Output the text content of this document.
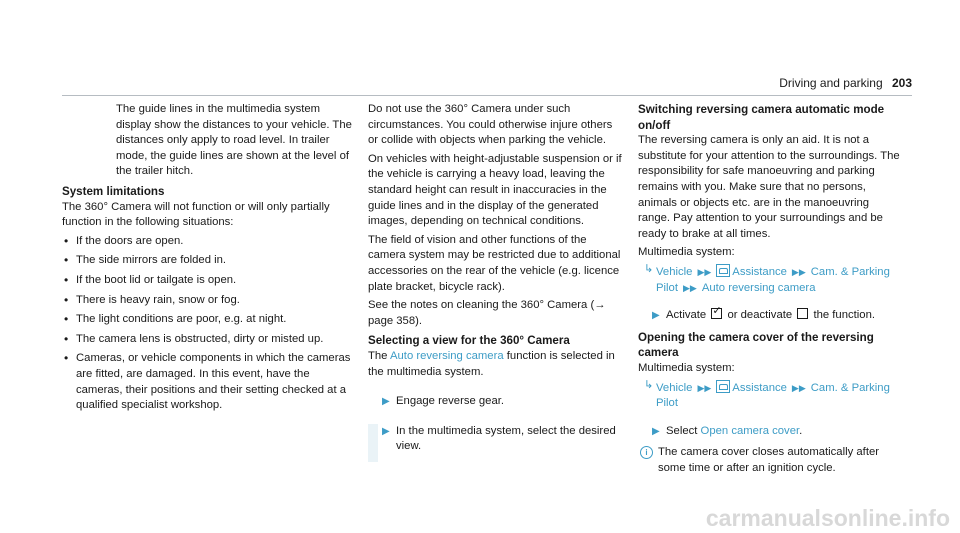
Driving and parking 203

The guide lines in the multimedia system display show the distances to your vehicle. The distances only apply to road level. In trailer mode, the guide lines are shown at the level of the trailer hitch.

System limitations

The 360° Camera will not function or will only partially function in the following situations:

• If the doors are open.
• The side mirrors are folded in.
• If the boot lid or tailgate is open.
• There is heavy rain, snow or fog.
• The light conditions are poor, e.g. at night.
• The camera lens is obstructed, dirty or misted up.
• Cameras, or vehicle components in which the cameras are fitted, are damaged. In this event, have the cameras, their positions and their setting checked at a qualified specialist workshop.

Do not use the 360° Camera under such circumstances. You could otherwise injure others or collide with objects when parking the vehicle.

On vehicles with height-adjustable suspension or if the vehicle is carrying a heavy load, leaving the standard height can result in inaccuracies in the guide lines and in the display of the generated images, depending on technical conditions.

The field of vision and other functions of the camera system may be restricted due to additional accessories on the rear of the vehicle (e.g. licence plate bracket, bicycle rack).

See the notes on cleaning the 360° Camera (→ page 358).

Selecting a view for the 360° Camera

The Auto reversing camera function is selected in the multimedia system.

▶ Engage reverse gear.
▶ In the multimedia system, select the desired view.
Switching reversing camera automatic mode on/off

The reversing camera is only an aid. It is not a substitute for your attention to the surroundings. The responsibility for safe manoeuvring and parking remains with you. Make sure that no persons, animals or objects etc. are in the manoeuvring range. Pay attention to your surroundings and be ready to brake at all times.

Multimedia system:

↳ Vehicle ▶▶ Assistance ▶▶ Cam. & Parking Pilot ▶▶ Auto reversing camera
▶ Activate ✓ or deactivate the function.
Opening the camera cover of the reversing camera

Multimedia system:

↳ Vehicle ▶▶ Assistance ▶▶ Cam. & Parking Pilot
▶ Select Open camera cover.
i The camera cover closes automatically after some time or after an ignition cycle.
carmanualsonline.info
